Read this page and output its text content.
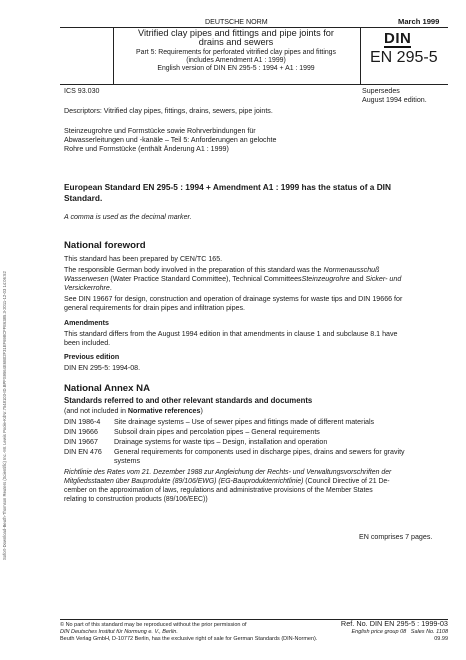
Sofort-Download-Beuth-Thomson Reuters (Scientific) Inc.-Mr. Lewis Poole-KdNr.7548103-ID.BPFS9564E6B02F31EF698CFFE6385.3-2011-12-03 14:06:52
DEUTSCHE NORM	March 1999
Vitrified clay pipes and fittings and pipe joints for
drains and sewers
Part 5: Requirements for perforated vitrified clay pipes and fittings
(includes Amendment A1 : 1999)
English version of DIN EN 295-5 : 1994 + A1 : 1999
DIN
EN 295-5
ICS 93.030	Supersedes
August 1994 edition.
Descriptors: Vitrified clay pipes, fittings, drains, sewers, pipe joints.
Steinzeugrohre und Formstücke sowie Rohrverbindungen für
Abwasserleitungen und -kanäle – Teil 5: Anforderungen an gelochte
Rohre und Formstücke (enthält Änderung A1 : 1999)
European Standard EN 295-5 : 1994 + Amendment A1 : 1999 has the status of a DIN
Standard.
A comma is used as the decimal marker.
National foreword
This standard has been prepared by CEN/TC 165.
The responsible German body involved in the preparation of this standard was the Normenausschuß
Wasserwesen (Water Practice Standard Committee), Technical CommitteesSteinzeugrohre and Sicker- und
Versickerrohre.
See DIN 19667 for design, construction and operation of drainage systems for waste tips and DIN 19666 for
general requirements for drain pipes and infiltration pipes.
Amendments
This standard differs from the August 1994 edition in that amendments in clause 1 and subclause 8.1 have
been included.
Previous edition
DIN EN 295-5: 1994-08.
National Annex NA
Standards referred to and other relevant standards and documents
(and not included in Normative references)
DIN 1986-4	Site drainage systems – Use of sewer pipes and fittings made of different materials
DIN 19666	Subsoil drain pipes and percolation pipes – General requirements
DIN 19667	Drainage systems for waste tips – Design, installation and operation
DIN EN 476	General requirements for components used in discharge pipes, drains and sewers for gravity
systems
Richtlinie des Rates vom 21. Dezember 1988 zur Angleichung der Rechts- und Verwaltungsvorschriften der
Mitgliedsstaaten über Bauprodukte (89/106/EWG) (EG-Bauproduktenrichtlinie) (Council Directive of 21 De-
cember on the approximation of laws, regulations and administrative provisions of the Member States
relating to construction products (89/106/EEC))
EN comprises 7 pages.
© No part of this standard may be reproduced without the prior permission of
DIN Deutsches Institut für Normung e. V., Berlin.
Beuth Verlag GmbH, D-10772 Berlin, has the exclusive right of sale for German Standards (DIN-Normen).
Ref. No. DIN EN 295-5 : 1999-03
English price group 08 Sales No. 1108
09.99
